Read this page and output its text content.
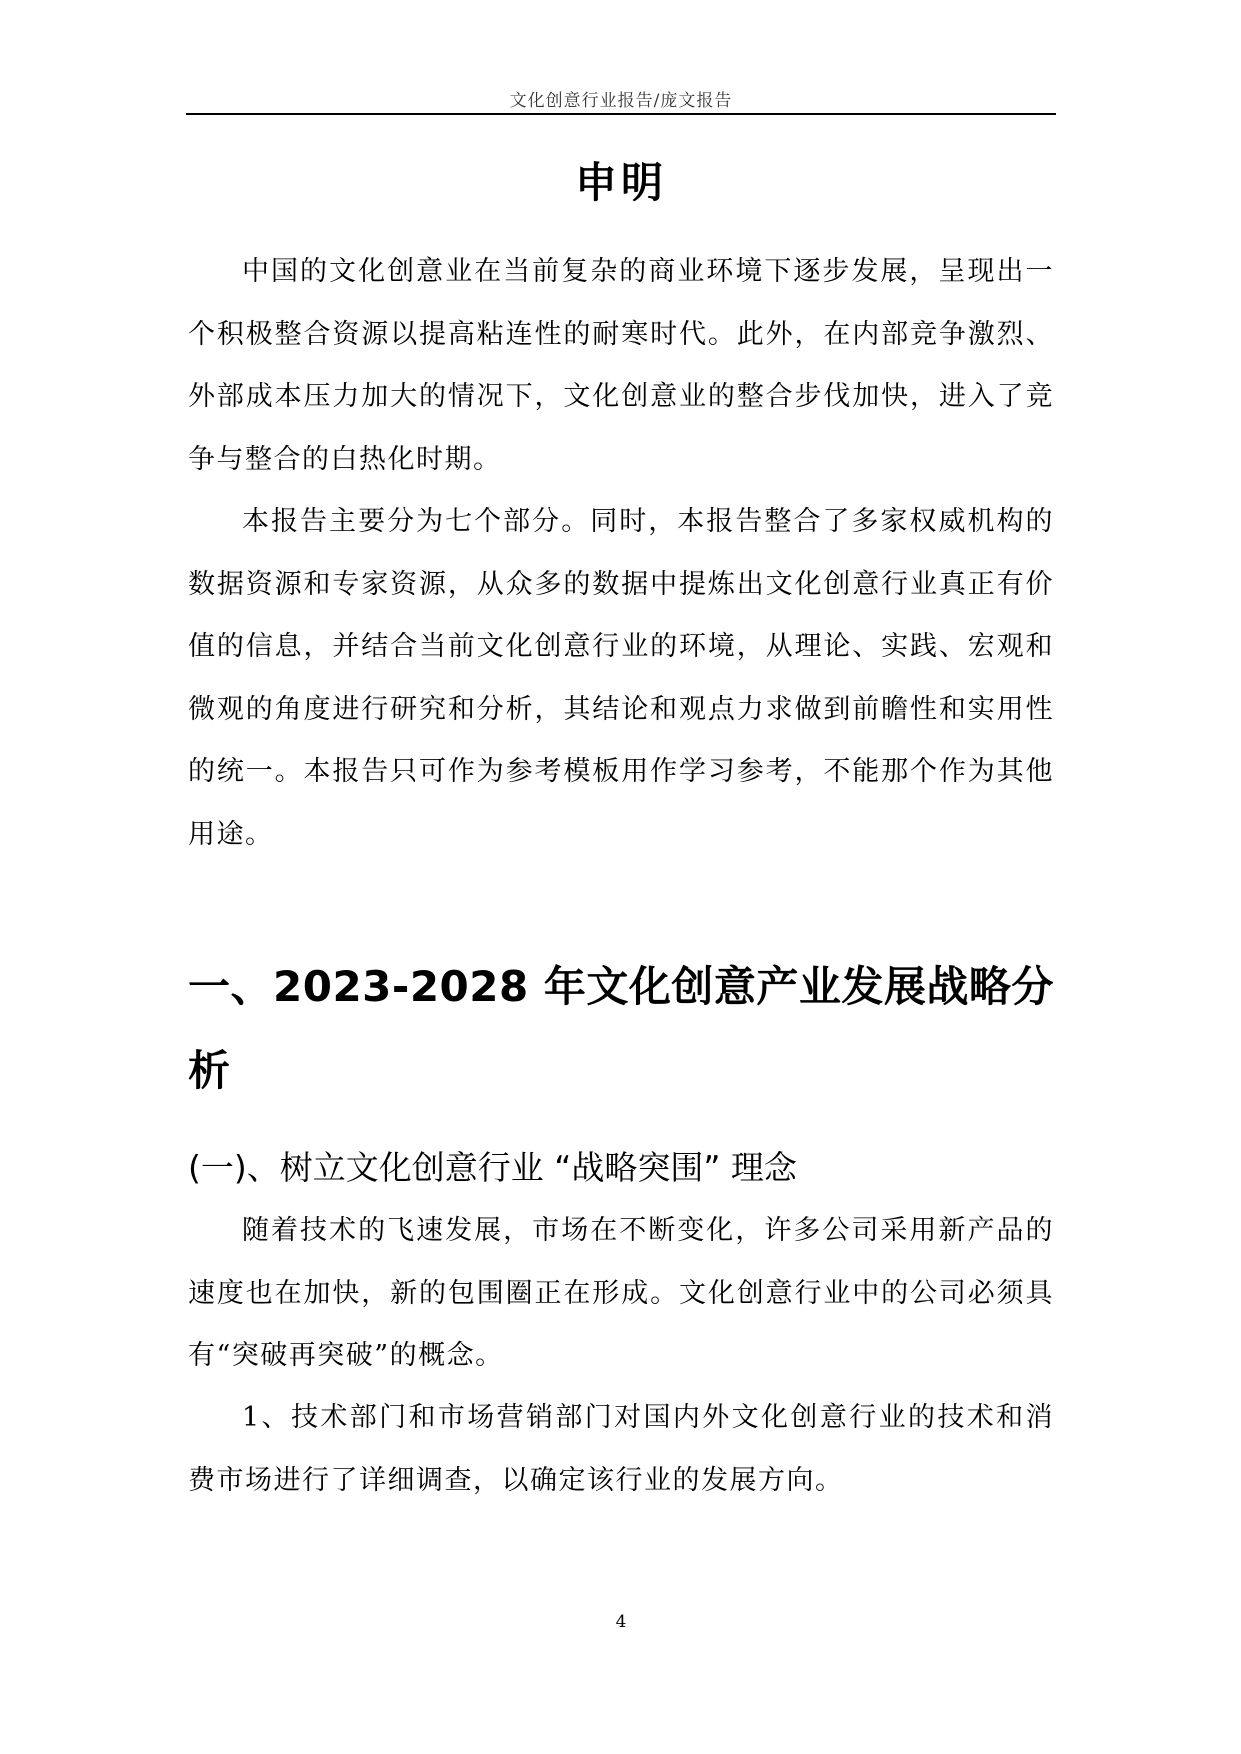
文化创意行业报告/庞文报告
申明

中国的文化创意业在当前复杂的商业环境下逐步发展，呈现出一个积极整合资源以提高粘连性的耐寒时代。此外，在内部竞争激烈、外部成本压力加大的情况下，文化创意业的整合步伐加快，进入了竞争与整合的白热化时期。

本报告主要分为七个部分。同时，本报告整合了多家权威机构的数据资源和专家资源，从众多的数据中提炼出文化创意行业真正有价值的信息，并结合当前文化创意行业的环境，从理论、实践、宏观和微观的角度进行研究和分析，其结论和观点力求做到前瞻性和实用性的统一。本报告只可作为参考模板用作学习参考，不能那个作为其他用途。

一、2023-2028 年文化创意产业发展战略分析
(一)、树立文化创意行业 “战略突围” 理念

随着技术的飞速发展，市场在不断变化，许多公司采用新产品的速度也在加快，新的包围圈正在形成。文化创意行业中的公司必须具有“突破再突破”的概念。

1、技术部门和市场营销部门对国内外文化创意行业的技术和消费市场进行了详细调查，以确定该行业的发展方向。

4
